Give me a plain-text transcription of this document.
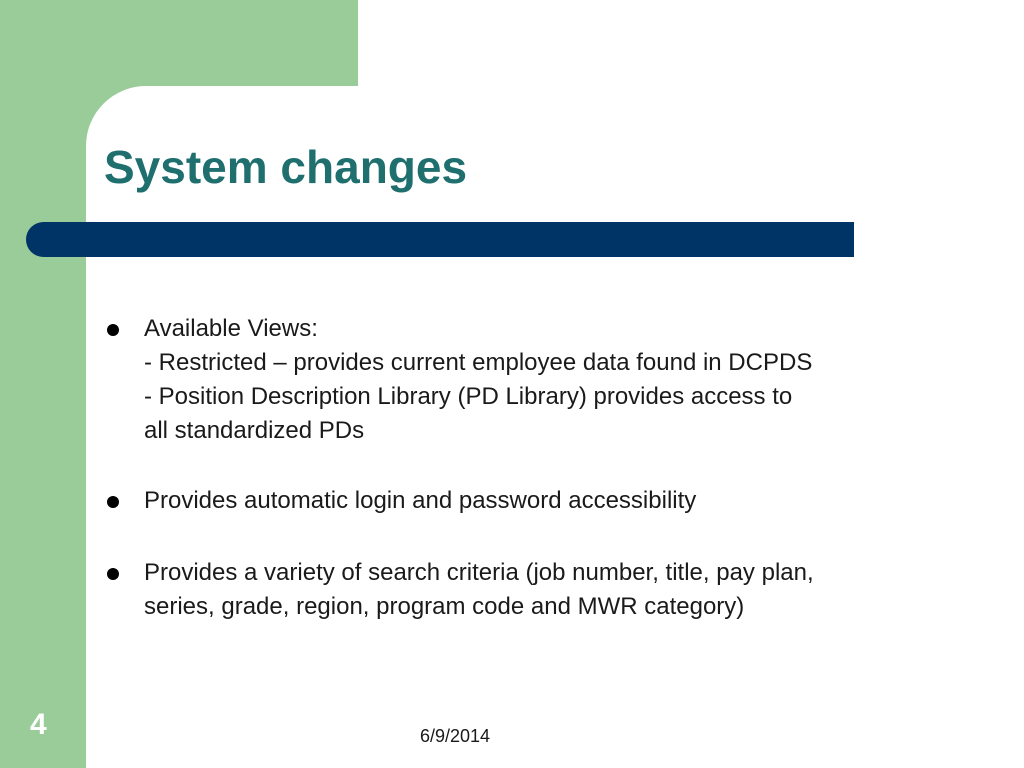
System changes
Available Views:
- Restricted – provides current employee data found in DCPDS
- Position Description Library (PD Library) provides access to
all standardized PDs
Provides automatic login and password accessibility
Provides a variety of search criteria (job number, title, pay plan,
series, grade, region, program code and MWR category)
4	6/9/2014
